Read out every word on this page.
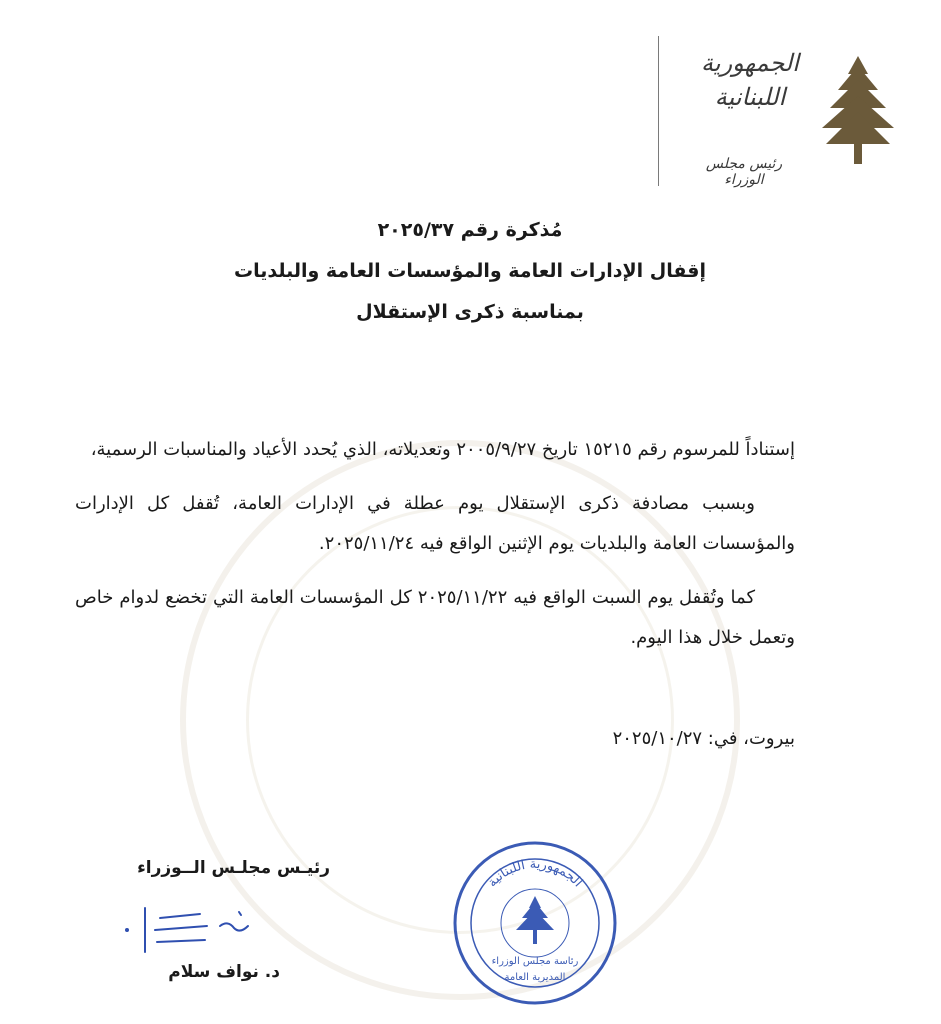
الجمهورية
اللبنانية
رئيس مجلس الوزراء
مُذكرة رقم ٢٠٢٥/٣٧
إقفال الإدارات العامة والمؤسسات العامة والبلديات
بمناسبة ذكرى الإستقلال

إستناداً للمرسوم رقم ١٥٢١٥ تاريخ ٢٠٠٥/٩/٢٧ وتعديلاته، الذي يُحدد الأعياد والمناسبات الرسمية،

وبسبب مصادفة ذكرى الإستقلال يوم عطلة في الإدارات العامة، تُقفل كل الإدارات والمؤسسات العامة والبلديات يوم الإثنين الواقع فيه ٢٠٢٥/١١/٢٤.

كما وتُقفل يوم السبت الواقع فيه ٢٠٢٥/١١/٢٢ كل المؤسسات العامة التي تخضع لدوام خاص وتعمل خلال هذا اليوم.

بيروت، في: ٢٠٢٥/١٠/٢٧
رئيـس مجلـس الــوزراء
د. نواف سلام
الجمهورية اللبنانية
رئاسة مجلس الوزراء
المديرية العامة
